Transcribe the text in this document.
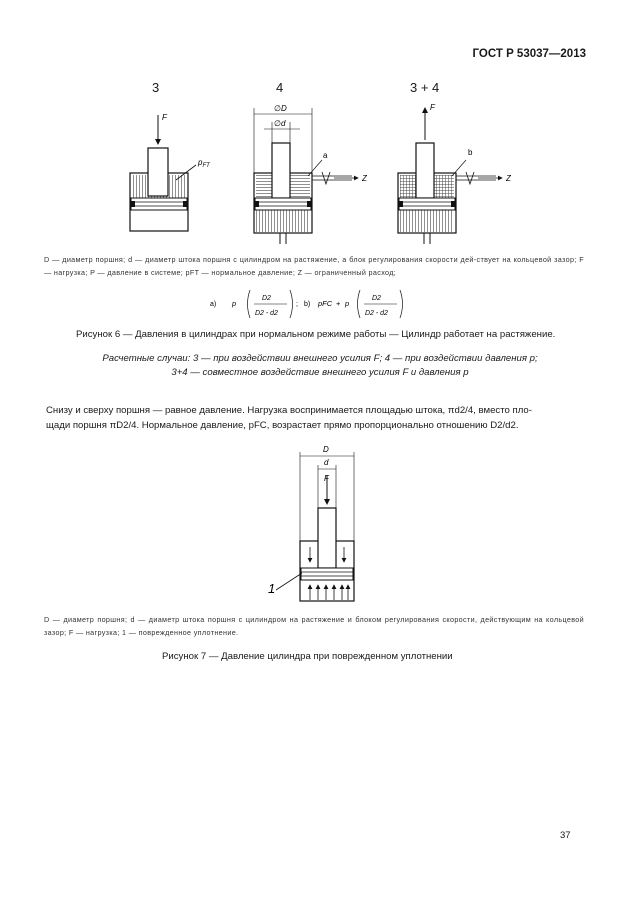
ГОСТ Р 53037—2013
3	4	3 + 4
F
$p_{FT}$
∅D
∅d
a
Z
F
b
Z
D — диаметр поршня; d — диаметр штока поршня с цилиндром на растяжение, а блок регулирования скорости дей-ствует на кольцевой зазор; F — нагрузка; P — давление в системе; pFT — нормальное давление; Z — ограниченный расход;
a) p
D2
D2 - d2
; b) pFC + p
D2
D2 - d2
Рисунок 6 — Давления в цилиндрах при нормальном режиме работы — Цилиндр работает на растяжение.
Расчетные случаи: 3 — при воздействии внешнего усилия F; 4 — при воздействии давления p;
3+4 — совместное воздействие внешнего усилия F и давления p
Снизу и сверху поршня — равное давление. Нагрузка воспринимается площадью штока, πd2/4, вместо пло-
щади поршня πD2/4. Нормальное давление, pFC, возрастает прямо пропорционально отношению D2/d2.
D
d
F
1
D — диаметр поршня; d — диаметр штока поршня с цилиндром на растяжение и блоком регулирования скорости, действующим на кольцевой зазор; F — нагрузка; 1 — поврежденное уплотнение.
Рисунок 7 — Давление цилиндра при поврежденном уплотнении
37
